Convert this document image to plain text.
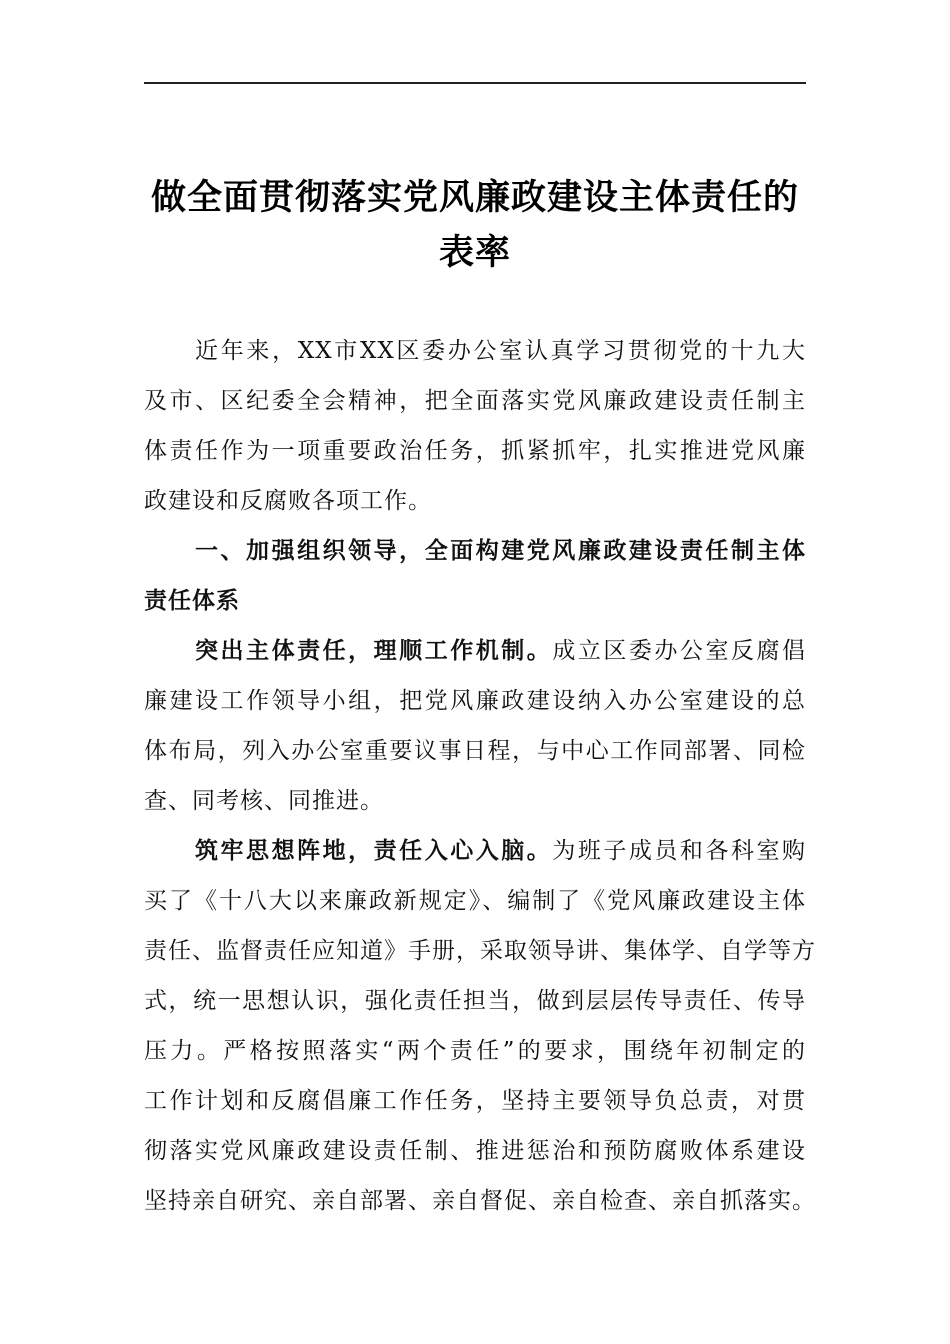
做全面贯彻落实党风廉政建设主体责任的
表率
近年来，XX市XX区委办公室认真学习贯彻党的十九大
及市、区纪委全会精神，把全面落实党风廉政建设责任制主
体责任作为一项重要政治任务，抓紧抓牢，扎实推进党风廉
政建设和反腐败各项工作。
一、加强组织领导，全面构建党风廉政建设责任制主体
责任体系
突出主体责任，理顺工作机制。成立区委办公室反腐倡
廉建设工作领导小组，把党风廉政建设纳入办公室建设的总
体布局，列入办公室重要议事日程，与中心工作同部署、同检
查、同考核、同推进。
筑牢思想阵地，责任入心入脑。为班子成员和各科室购
买了《十八大以来廉政新规定》、编制了《党风廉政建设主体
责任、监督责任应知道》手册，采取领导讲、集体学、自学等方
式，统一思想认识，强化责任担当，做到层层传导责任、传导
压力。严格按照落实“两个责任”的要求，围绕年初制定的
工作计划和反腐倡廉工作任务，坚持主要领导负总责，对贯
彻落实党风廉政建设责任制、推进惩治和预防腐败体系建设
坚持亲自研究、亲自部署、亲自督促、亲自检查、亲自抓落实。
